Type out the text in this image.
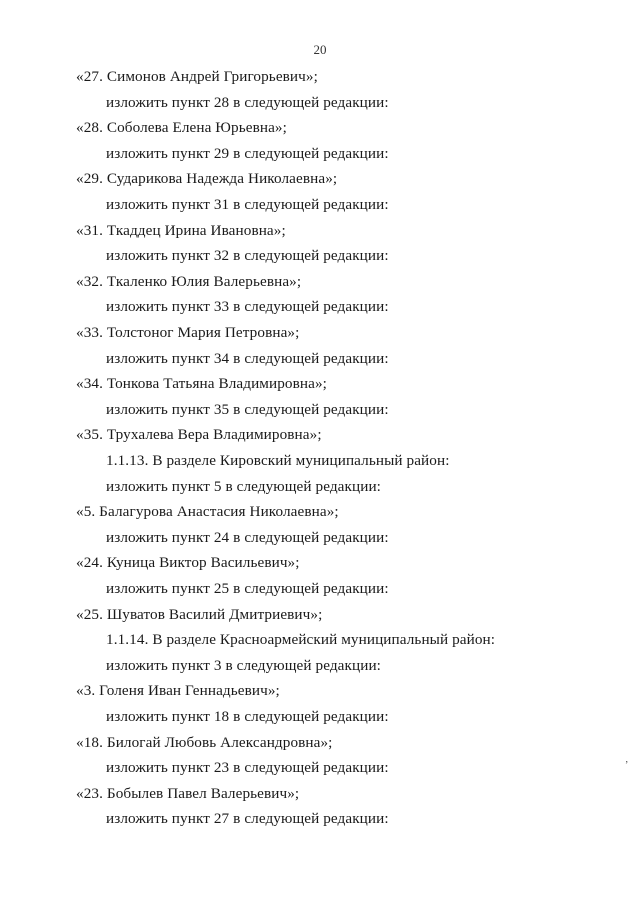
20
«27. Симонов Андрей Григорьевич»;
изложить пункт 28 в следующей редакции:
«28. Соболева Елена Юрьевна»;
изложить пункт 29 в следующей редакции:
«29. Сударикова Надежда Николаевна»;
изложить пункт 31 в следующей редакции:
«31. Ткаддец Ирина Ивановна»;
изложить пункт 32 в следующей редакции:
«32. Ткаленко Юлия Валерьевна»;
изложить пункт 33 в следующей редакции:
«33. Толстоног Мария Петровна»;
изложить пункт 34 в следующей редакции:
«34. Тонкова Татьяна Владимировна»;
изложить пункт 35 в следующей редакции:
«35. Трухалева Вера Владимировна»;
1.1.13. В разделе Кировский муниципальный район:
изложить пункт 5 в следующей редакции:
«5. Балагурова Анастасия Николаевна»;
изложить пункт 24 в следующей редакции:
«24. Куница Виктор Васильевич»;
изложить пункт 25 в следующей редакции:
«25. Шуватов Василий Дмитриевич»;
1.1.14. В разделе Красноармейский муниципальный район:
изложить пункт 3 в следующей редакции:
«3. Голеня Иван Геннадьевич»;
изложить пункт 18 в следующей редакции:
«18. Билогай Любовь Александровна»;
изложить пункт 23 в следующей редакции:
«23. Бобылев Павел Валерьевич»;
изложить пункт 27 в следующей редакции:
’
